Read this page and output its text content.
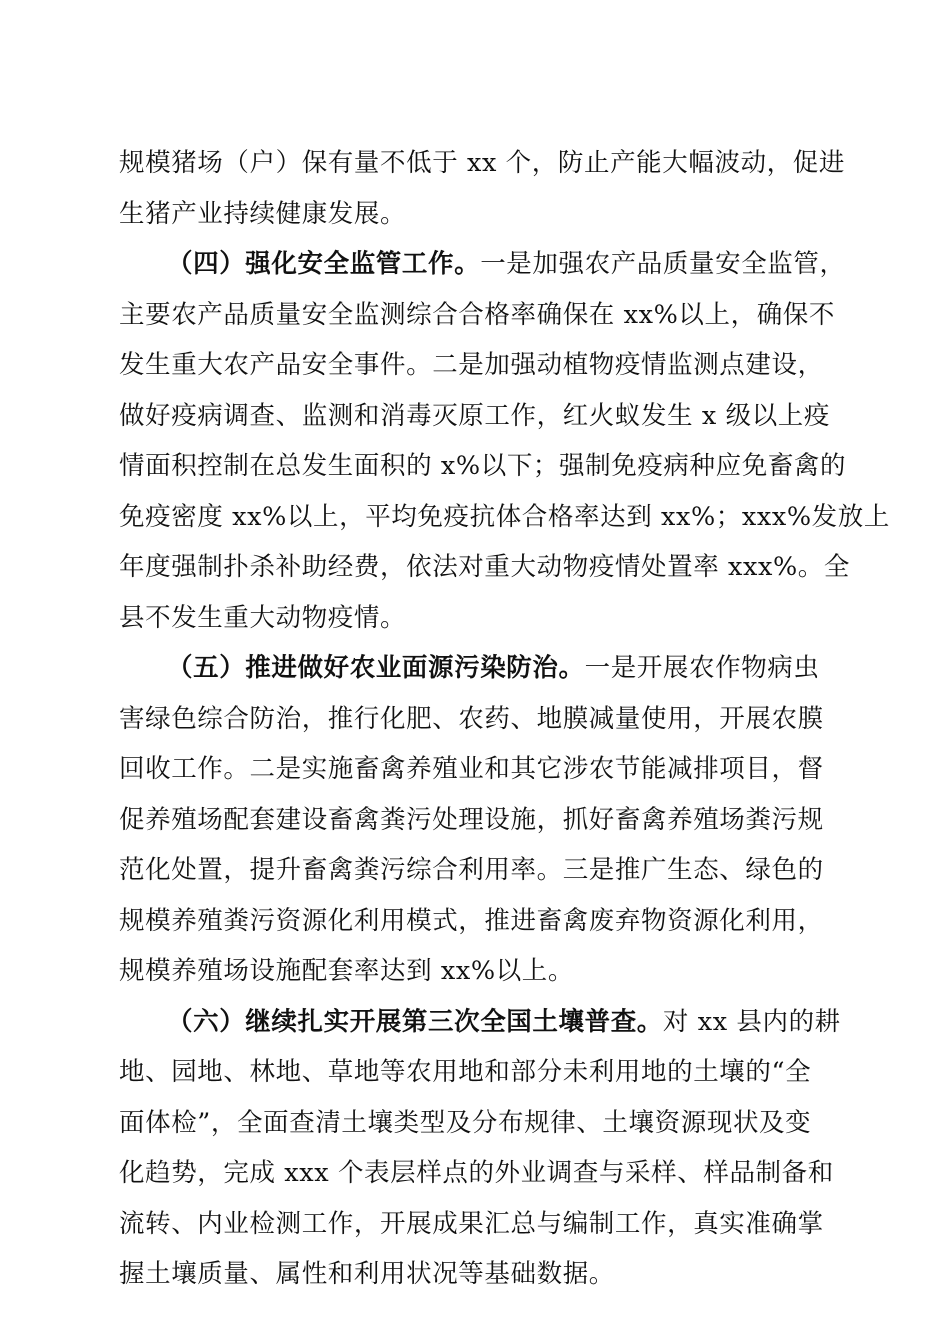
规模猪场（户）保有量不低于 xx 个，防止产能大幅波动，促进
生猪产业持续健康发展。
（四）强化安全监管工作。一是加强农产品质量安全监管，
主要农产品质量安全监测综合合格率确保在 xx%以上，确保不
发生重大农产品安全事件。二是加强动植物疫情监测点建设，
做好疫病调查、监测和消毒灭原工作，红火蚁发生 x 级以上疫
情面积控制在总发生面积的 x%以下；强制免疫病种应免畜禽的
免疫密度 xx%以上，平均免疫抗体合格率达到 xx%；xxx%发放上
年度强制扑杀补助经费，依法对重大动物疫情处置率 xxx%。全
县不发生重大动物疫情。
（五）推进做好农业面源污染防治。一是开展农作物病虫
害绿色综合防治，推行化肥、农药、地膜减量使用，开展农膜
回收工作。二是实施畜禽养殖业和其它涉农节能减排项目，督
促养殖场配套建设畜禽粪污处理设施，抓好畜禽养殖场粪污规
范化处置，提升畜禽粪污综合利用率。三是推广生态、绿色的
规模养殖粪污资源化利用模式，推进畜禽废弃物资源化利用，
规模养殖场设施配套率达到 xx%以上。
（六）继续扎实开展第三次全国土壤普查。对 xx 县内的耕
地、园地、林地、草地等农用地和部分未利用地的土壤的“全
面体检”，全面查清土壤类型及分布规律、土壤资源现状及变
化趋势，完成 xxx 个表层样点的外业调查与采样、样品制备和
流转、内业检测工作，开展成果汇总与编制工作，真实准确掌
握土壤质量、属性和利用状况等基础数据。
